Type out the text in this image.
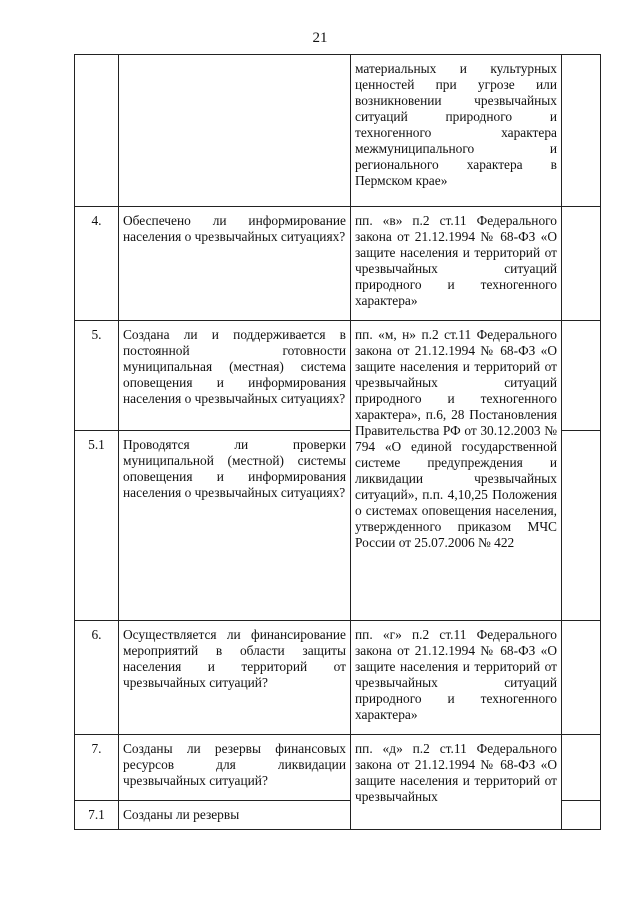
21
		материальных и культурных ценностей при угрозе или возникновении чрезвычайных ситуаций природного и техногенного характера межмуниципального и регионального характера в Пермском крае»	
4.	Обеспечено ли информирование населения о чрезвычайных ситуациях?	пп. «в» п.2 ст.11 Федерального закона от 21.12.1994 № 68-ФЗ «О защите населения и территорий от чрезвычайных ситуаций природного и техногенного характера»	
5.	Создана ли и поддерживается в постоянной готовности муниципальная (местная) система оповещения и информирования населения о чрезвычайных ситуациях?	пп. «м, н» п.2 ст.11 Федерального закона от 21.12.1994 № 68-ФЗ «О защите населения и территорий от чрезвычайных ситуаций природного и техногенного характера», п.6, 28 Постановления Правительства РФ от 30.12.2003 № 794 «О единой государственной системе предупреждения и ликвидации чрезвычайных ситуаций», п.п. 4,10,25 Положения о системах оповещения населения, утвержденного приказом МЧС России от 25.07.2006 № 422	
5.1	Проводятся ли проверки муниципальной (местной) системы оповещения и информирования населения о чрезвычайных ситуациях?		
6.	Осуществляется ли финансирование мероприятий в области защиты населения и территорий от чрезвычайных ситуаций?	пп. «г» п.2 ст.11 Федерального закона от 21.12.1994 № 68-ФЗ «О защите населения и территорий от чрезвычайных ситуаций природного и техногенного характера»	
7.	Созданы ли резервы финансовых ресурсов для ликвидации чрезвычайных ситуаций?	пп. «д» п.2 ст.11 Федерального закона от 21.12.1994 № 68-ФЗ «О защите населения и территорий от чрезвычайных	
7.1	Созданы ли резервы		
